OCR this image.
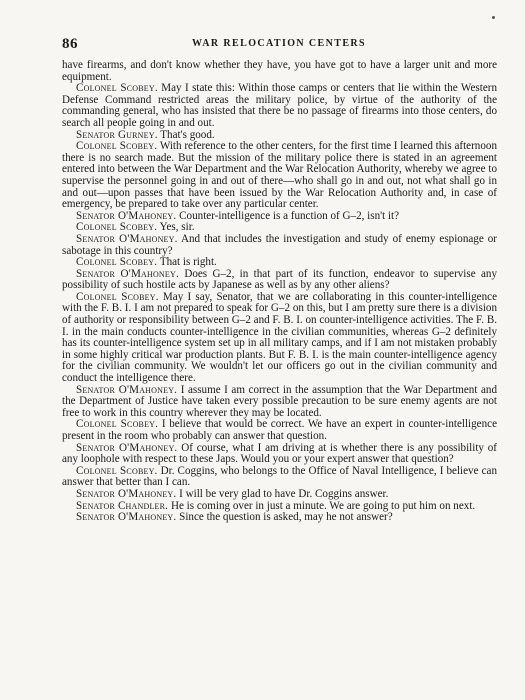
86	WAR RELOCATION CENTERS

have firearms, and don't know whether they have, you have got to have a larger unit and more equipment.

Colonel Scobey. May I state this: Within those camps or centers that lie within the Western Defense Command restricted areas the military police, by virtue of the authority of the commanding general, who has insisted that there be no passage of firearms into those centers, do search all people going in and out.

Senator Gurney. That's good.

Colonel Scobey. With reference to the other centers, for the first time I learned this afternoon there is no search made. But the mission of the military police there is stated in an agreement entered into between the War Department and the War Relocation Authority, whereby we agree to supervise the personnel going in and out of there—who shall go in and out, not what shall go in and out—upon passes that have been issued by the War Relocation Authority and, in case of emergency, be prepared to take over any particular center.

Senator O'Mahoney. Counter-intelligence is a function of G–2, isn't it?

Colonel Scobey. Yes, sir.

Senator O'Mahoney. And that includes the investigation and study of enemy espionage or sabotage in this country?

Colonel Scobey. That is right.

Senator O'Mahoney. Does G–2, in that part of its function, endeavor to supervise any possibility of such hostile acts by Japanese as well as by any other aliens?

Colonel Scobey. May I say, Senator, that we are collaborating in this counter-intelligence with the F. B. I. I am not prepared to speak for G–2 on this, but I am pretty sure there is a division of authority or responsibility between G–2 and F. B. I. on counter-intelligence activities. The F. B. I. in the main conducts counter-intelligence in the civilian communities, whereas G–2 definitely has its counter-intelligence system set up in all military camps, and if I am not mistaken probably in some highly critical war production plants. But F. B. I. is the main counter-intelligence agency for the civilian community. We wouldn't let our officers go out in the civilian community and conduct the intelligence there.

Senator O'Mahoney. I assume I am correct in the assumption that the War Department and the Department of Justice have taken every possible precaution to be sure enemy agents are not free to work in this country wherever they may be located.

Colonel Scobey. I believe that would be correct. We have an expert in counter-intelligence present in the room who probably can answer that question.

Senator O'Mahoney. Of course, what I am driving at is whether there is any possibility of any loophole with respect to these Japs. Would you or your expert answer that question?

Colonel Scobey. Dr. Coggins, who belongs to the Office of Naval Intelligence, I believe can answer that better than I can.

Senator O'Mahoney. I will be very glad to have Dr. Coggins answer.

Senator Chandler. He is coming over in just a minute. We are going to put him on next.

Senator O'Mahoney. Since the question is asked, may he not answer?
